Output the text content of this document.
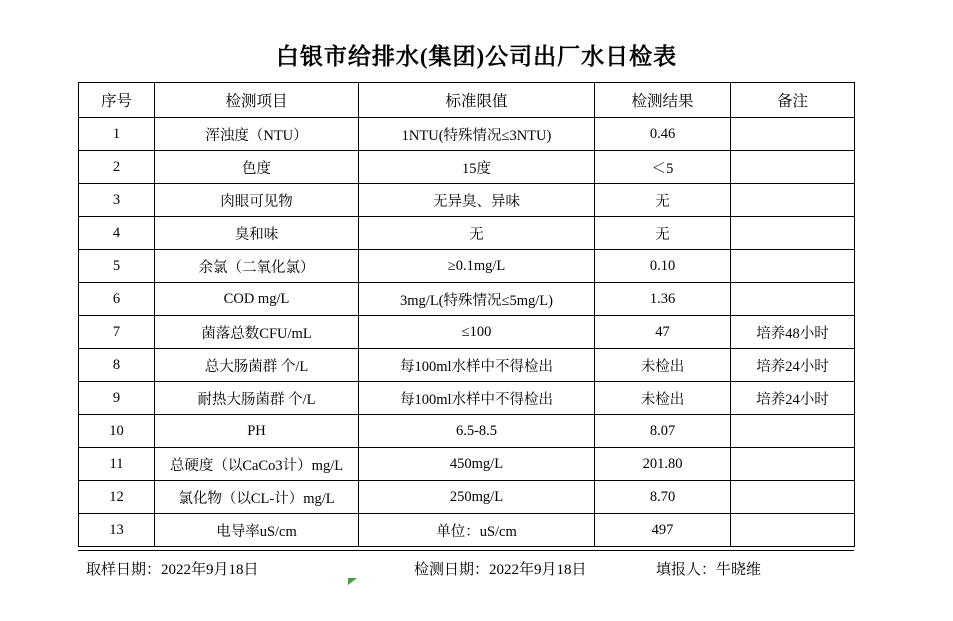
白银市给排水(集团)公司出厂水日检表
序号	检测项目	标准限值	检测结果	备注
1	浑浊度（NTU）	1NTU(特殊情况≤3NTU)	0.46	
2	色度	15度	＜5	
3	肉眼可见物	无异臭、异味	无	
4	臭和味	无	无	
5	余氯（二氧化氯）	≥0.1mg/L	0.10	
6	COD mg/L	3mg/L(特殊情况≤5mg/L)	1.36	
7	菌落总数CFU/mL	≤100	47	培养48小时
8	总大肠菌群 个/L	每100ml水样中不得检出	未检出	培养24小时
9	耐热大肠菌群 个/L	每100ml水样中不得检出	未检出	培养24小时
10	PH	6.5-8.5	8.07	
11	总硬度（以CaCo3计）mg/L	450mg/L	201.80	
12	氯化物（以CL-计）mg/L	250mg/L	8.70	
13	电导率uS/cm	单位：uS/cm	497	
取样日期：2022年9月18日	检测日期：2022年9月18日	填报人：牛晓维
